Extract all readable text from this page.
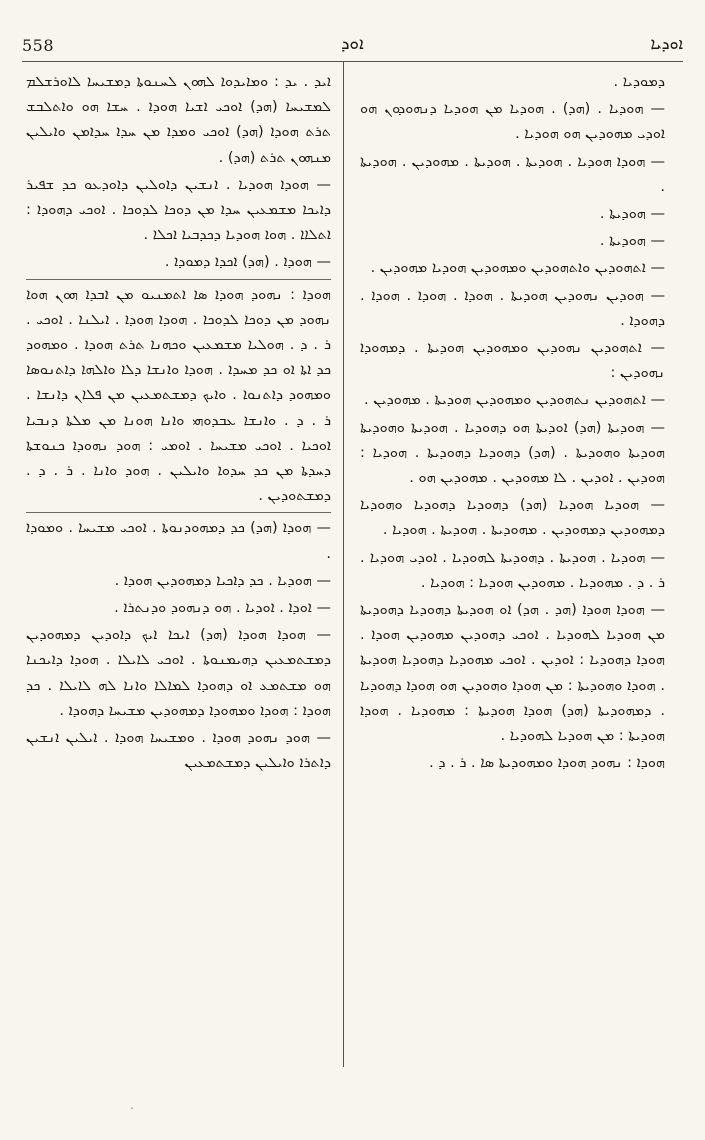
558	ܐܘܕ	ܐܘܕܝܐ

ܕܡܘܕܝܐ .

— ܗܘܕܝܐ . (ܗܕ) . ܗܘܕܝܐ ܡܢ ܗܘܕܝܐ ܕܢܗܘܕܘܢ ܗܘ ܐܘܕܝ ܡܗܘܕܝܢ ܗܘ ܗܘܕܝܐ .

— ܗܘܕܐ ܗܘܕܝܐ . ܗܘܕܝܬܐ . ܗܘܕܝܬܐ . ܡܗܘܕܝܢ . ܗܘܕܝܬܐ .

— ܗܘܕܝܬܐ .

— ܗܘܕܝܬܐ .

— ܐܬܗܘܕܝܢ ܘܐܬܗܘܕܝܢ ܘܡܗܘܕܝܢ ܗܘܕܝܐ ܡܗܘܕܝܢ .

— ܗܘܕܝܢ ܢܗܘܕܝܢ ܗܘܕܝܬܐ . ܗܘܕܐ . ܗܘܕܐ . ܗܘܕܐ . ܕܗܘܕܐ .

— ܐܬܗܘܕܝܢ ܢܗܘܕܝܢ ܘܡܗܘܕܝܢ ܗܘܕܝܬܐ . ܕܡܗܘܕܐ ܢܗܘܕܝܢ :

— ܐܬܗܘܕܝܢ ܢܬܗܘܕܝܢ ܘܡܗܘܕܝܢ ܗܘܕܝܬܐ . ܡܗܘܕܝܢ .

— ܗܘܕܝܬܐ (ܗܕ) ܐܘܕܝܬܐ ܗܘ ܕܗܘܕܝܐ . ܗܘܕܝܬܐ ܘܗܘܕܝܬܐ ܗܘܕܝܬܐ ܘܗܘܕܝܬܐ . (ܗܕ) ܕܗܘܕܝܐ ܕܗܘܕܝܬܐ . ܗܘܕܝܐ : ܗܘܕܝܢ . ܐܘܕܝܢ . ܠܐ ܡܗܘܕܝܢ . ܡܗܘܕܝܢ ܗܘ .

— ܗܘܕܝܐ ܗܘܕܝܐ (ܗܕ) ܕܗܘܕܝܐ ܕܗܘܕܝܐ ܘܗܘܕܝܐ ܕܡܗܘܕܝܢ ܕܡܗܘܕܝܢ . ܡܗܘܕܝܬܐ . ܗܘܕܝܬܐ . ܗܘܕܝܐ .

— ܗܘܕܝܐ . ܗܘܕܝܬܐ . ܕܗܘܕܝܬܐ ܠܗܘܕܝܐ . ܐܘܕܝ ܗܘܕܝܐ . ܪ . ܕ . ܡܗܘܕܝܐ . ܡܗܘܕܝܢ ܗܘܕܝܐ : ܗܘܕܝܐ .

— ܗܘܕܐ ܗܘܕܐ (ܗܕ . ܗܕ) ܐܘ ܗܘܕܝܬܐ ܕܗܘܕܝܐ ܕܗܘܕܝܬܐ ܡܢ ܗܘܕܝܐ ܠܗܘܕܝܐ . ܐܘܟܝ ܕܗܘܕܝܢ ܡܗܘܕܝܢ ܗܘܕܐ . ܗܘܕܐ ܕܗܘܕܝܐ : ܐܘܕܝܢ . ܐܘܟܝ ܡܗܘܕܝܐ ܕܗܘܕܝܐ ܗܘܕܝܬܐ . ܗܘܕܐ ܘܗܘܕܝܬܐ : ܡܢ ܗܘܕܐ ܘܗܘܕܝܢ ܗܘ ܗܘܕܐ ܕܗܘܕܝܐ . ܕܡܗܘܕܝܬܐ (ܗܕ) ܗܘܕܐ ܗܘܕܝܬܐ : ܡܗܘܕܝܐ . ܗܘܕܐ ܗܘܕܝܬܐ : ܡܢ ܗܘܕܝܐ ܠܗܘܕܝܐ .

ܗܘܕܐ : ܢܗܘܕ ܗܘܕܐ ܘܡܗܘܕܝܬܐ ܣܐ . ܪ . ܕ .

ܐܝܕ . ܝܕ : ܘܡܐܝܕܘܐ ܠܗܘܢ ܠܚܢܘܬܐ ܕܡܫܝܚܐ ܠܐܘܪܫܠܡ ܠܡܫܝܚܐ (ܗܕ) ܐܘܟܝ ܐܫܝܐ ܗܘܕܐ . ܚܫܐ ܗܘ ܘܐܬܠܒܫ ܬܪܬ ܗܘܕܐ (ܗܕ) ܐܘܟܝ ܘܡܕܐ ܡܢ ܚܕܐ ܚܕܐܡܢ ܘܐܝܠܝܢ ܡܢܗܘܢ ܬܪܬ (ܗܕ) .

— ܗܘܕܐ ܗܘܕܝܐ . ܐܢܫܝܢ ܕܐܘܠܝܢ ܕܐܘܕܥܘ ܟܕ ܫܦܝܪ ܕܐܝܟܐ ܡܫܡܥܝܢ ܚܕܐ ܡܢ ܕܘܟܐ ܠܕܘܟܐ . ܐܘܟܝ ܕܗܘܕܐ : ܐܬܠܐܐ . ܗܘܐ ܗܘܕܝܐ ܕܟܕܒܝܐ ܐܟܠܐ .

— ܗܘܕܐ . (ܗܕ) ܐܟܕܐ ܕܡܘܕܐ .

ܗܘܕܐ : ܢܗܘܕ ܗܘܕܐ ܣܐ ܐܬܡܢܝܘ ܡܢ ܐܒܕܐ ܗܘܢ ܗܘܐ ܢܗܘܕ ܡܢ ܕܘܟܐ ܠܕܘܟܐ . ܗܘܕܐ ܗܘܕܐ . ܐܝܠܢܐ . ܐܘܟܝ . ܪ . ܕ . ܗܘܠܝܐ ܡܫܡܥܝܢ ܘܟܗܢܐ ܬܪܬ ܗܘܕܐ . ܘܡܗܘܕ ܟܕ ܐܬܐ ܐܘ ܟܕ ܡܚܕܐ . ܗܘܕܐ ܘܐܢܫܐ ܕܠܐ ܘܐܠܗܐ ܕܐܬܢܘܣܐ ܘܡܗܘܕ ܕܐܬܢܘܐ . ܘܐܝܟ ܕܡܫܬܡܥܝܢ ܡܢ ܦܠܐܢ ܕܐܢܫܐ . ܪ . ܕ . ܘܐܢܫܐ ܥܒܕܘܗܝ ܘܐܢܐ ܗܘܢܐ ܡܢ ܡܠܬܐ ܕܢܒܝܐ ܐܘܟܝܐ . ܐܘܟܝ ܡܫܝܚܐ . ܐܘܡܝ : ܗܘܕ ܢܗܘܕܐ ܟܢܘܫܬܐ ܕܚܕܬܐ ܡܢ ܟܕ ܚܕܘܐ ܘܐܝܠܝܢ . ܗܘܕ ܘܐܢܐ . ܪ . ܕ . ܕܡܫܬܘܕܝܢ .

— ܗܘܕܐ (ܗܕ) ܟܕ ܕܡܗܘܕܢܘܬܐ . ܐܘܟܝ ܡܫܝܚܐ . ܘܡܘܕܐ .

— ܗܘܕܝܐ . ܟܕ ܕܐܟܝܐ ܕܡܗܘܕܝܢ ܗܘܕܐ .

— ܐܘܕܐ . ܐܘܕܝܐ . ܗܘ ܕܢܗܘܕ ܘܕܢܬܪܐ .

— ܗܘܕܐ ܗܘܕܐ (ܗܕ) ܐܝܟܐ ܐܝܟ ܕܐܘܕܝܢ ܕܡܗܘܕܝܢ ܕܡܫܬܡܥܝܢ ܕܗܝܡܢܘܬܐ . ܐܘܟܝ ܠܐܝܠܐ . ܗܘܕܐ ܕܐܝܟܢܐ ܗܘ ܡܫܬܡܥ ܐܘ ܕܗܘܕܐ ܠܡܐܠܐ ܘܐܢܐ ܠܗ ܠܐܝܠܐ . ܟܕ ܗܘܕܐ : ܗܘܕܐ ܘܡܗܘܕܐ ܕܡܗܘܕܝܢ ܡܫܝܚܐ ܕܗܘܕܐ .

— ܗܘܕ ܢܗܘܕ ܗܘܕܐ . ܘܡܫܝܚܐ ܗܘܕܐ . ܐܝܠܝܢ ܐܢܫܝܢ ܕܐܬܪܐ ܘܐܝܠܝܢ ܕܡܫܬܡܥܝܢ

.
